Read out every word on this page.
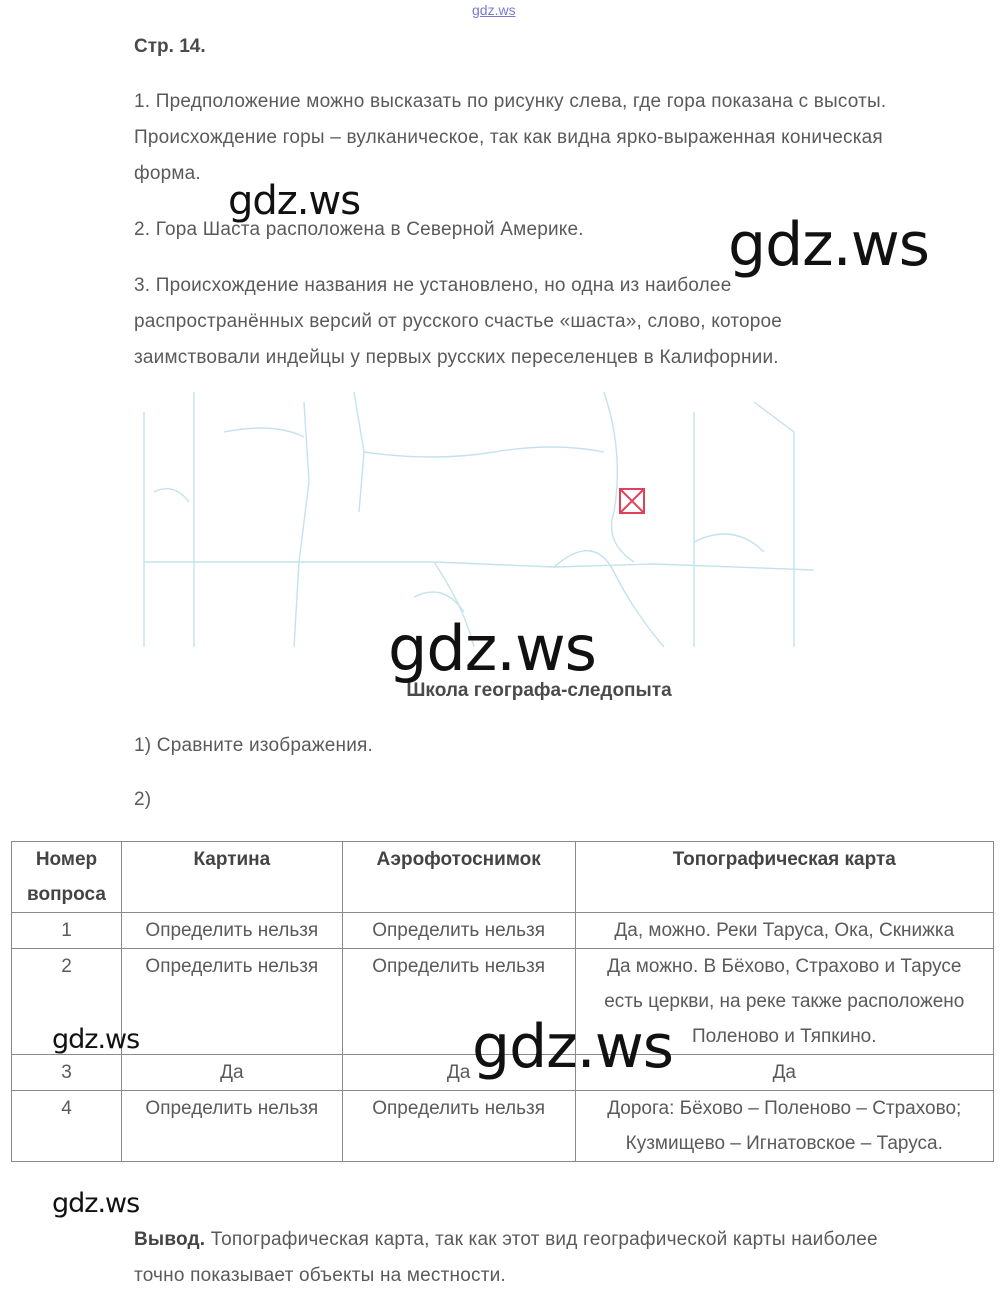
gdz.ws
Стр. 14.
1. Предположение можно высказать по рисунку слева, где гора показана с высоты.
Происхождение горы – вулканическое, так как видна ярко-выраженная коническая
форма.
2. Гора Шаста расположена в Северной Америке.
3. Происхождение названия не установлено, но одна из наиболее
распространённых версий от русского счастье «шаста», слово, которое
заимствовали индейцы у первых русских переселенцев в Калифорнии.
Школа географа-следопыта
1) Сравните изображения.
2)
Номер
вопроса	Картина	Аэрофотоснимок	Топографическая карта
1	Определить нельзя	Определить нельзя	Да, можно. Реки Таруса, Ока, Скнижка
2	Определить нельзя	Определить нельзя	Да можно. В Бёхово, Страхово и Тарусе
есть церкви, на реке также расположено
Поленово и Тяпкино.

3	Да	Да	Да
4	Определить нельзя	Определить нельзя	Дорога: Бёхово – Поленово – Страхово;
Кузмищево – Игнатовское – Таруса.
Вывод. Топографическая карта, так как этот вид географической карты наиболее
точно показывает объекты на местности.
gdz.ws
gdz.ws
gdz.ws
gdz.ws	gdz.ws
gdz.ws
